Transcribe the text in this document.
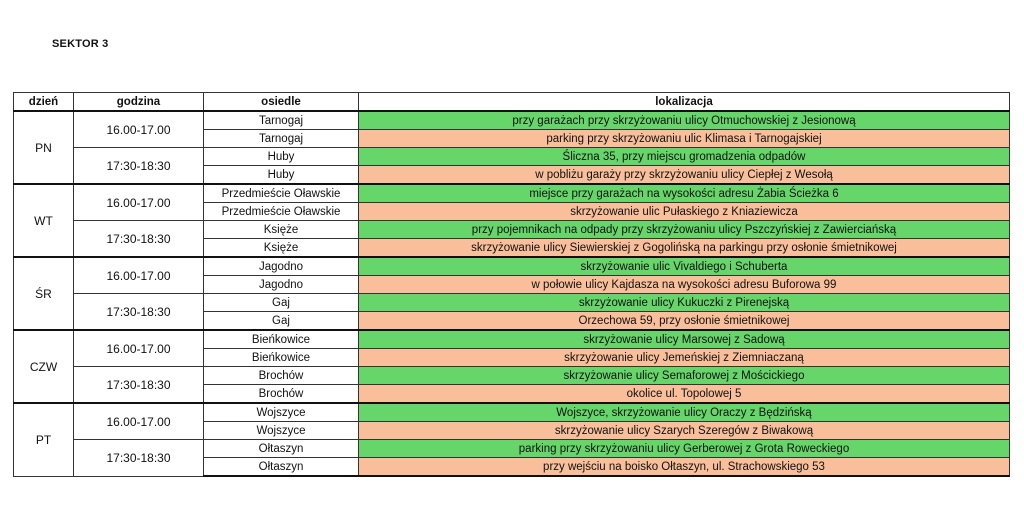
SEKTOR 3
dzień	godzina	osiedle	lokalizacja
PN	16.00-17.00	Tarnogaj	przy garażach przy skrzyżowaniu ulicy Otmuchowskiej z Jesionową
		Tarnogaj	parking przy skrzyżowaniu ulic Klimasa i Tarnogajskiej
	17:30-18:30	Huby	Śliczna 35, przy miejscu gromadzenia odpadów
		Huby	w pobliżu garaży przy skrzyżowaniu ulicy Ciepłej z Wesołą
WT	16.00-17.00	Przedmieście Oławskie	miejsce przy garażach na wysokości adresu Żabia Ścieżka 6
		Przedmieście Oławskie	skrzyżowanie ulic Pułaskiego z Kniaziewicza
	17:30-18:30	Księże	przy pojemnikach na odpady przy skrzyżowaniu ulicy Pszczyńskiej z Zawierciańską
		Księże	skrzyżowanie ulicy Siewierskiej z Gogolińską na parkingu przy osłonie śmietnikowej
ŚR	16.00-17.00	Jagodno	skrzyżowanie ulic Vivaldiego i Schuberta
		Jagodno	w połowie ulicy Kajdasza na wysokości adresu Buforowa 99
	17:30-18:30	Gaj	skrzyżowanie ulicy Kukuczki z Pirenejską
		Gaj	Orzechowa 59, przy osłonie śmietnikowej
CZW	16.00-17.00	Bieńkowice	skrzyżowanie ulicy Marsowej z Sadową
		Bieńkowice	skrzyżowanie ulicy Jemeńskiej z Ziemniaczaną
	17:30-18:30	Brochów	skrzyżowanie ulicy Semaforowej z Mościckiego
		Brochów	okolice ul. Topolowej 5
PT	16.00-17.00	Wojszyce	Wojszyce, skrzyżowanie ulicy Oraczy z Będzińską
		Wojszyce	skrzyżowanie ulicy Szarych Szeregów z Biwakową
	17:30-18:30	Ołtaszyn	parking przy skrzyżowaniu ulicy Gerberowej z Grota Roweckiego
		Ołtaszyn	przy wejściu na boisko Ołtaszyn, ul. Strachowskiego 53
